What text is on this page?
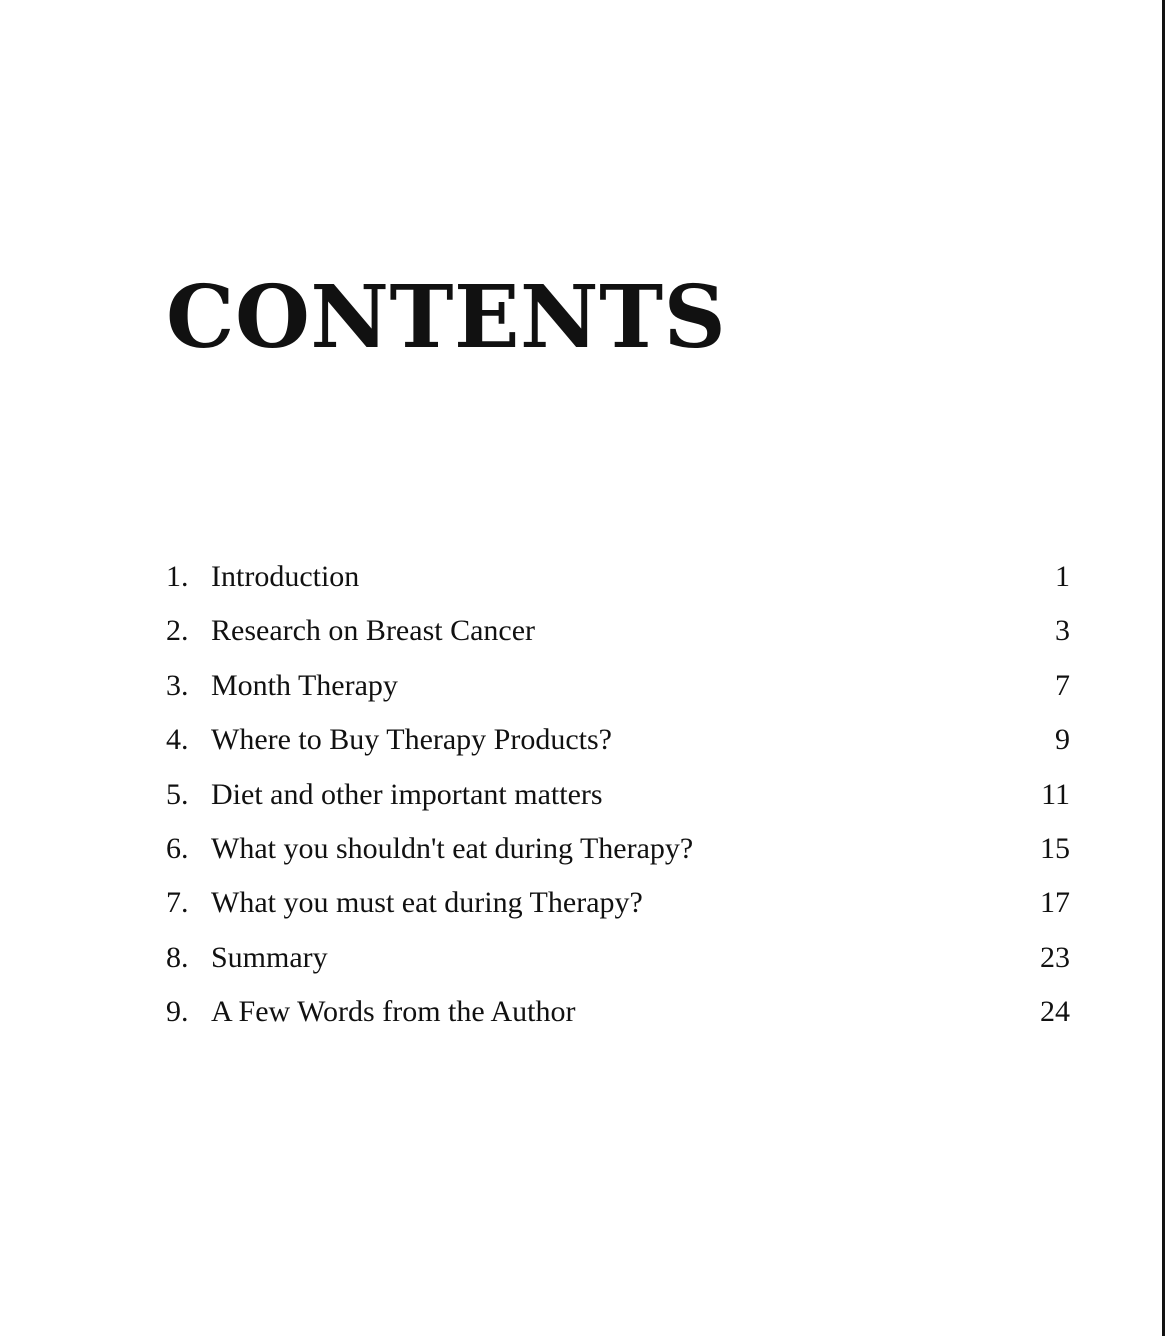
CONTENTS
1. Introduction	1
2. Research on Breast Cancer	3
3. Month Therapy	7
4. Where to Buy Therapy Products?	9
5. Diet and other important matters	11
6. What you shouldn't eat during Therapy?	15
7. What you must eat during Therapy?	17
8. Summary	23
9. A Few Words from the Author	24
